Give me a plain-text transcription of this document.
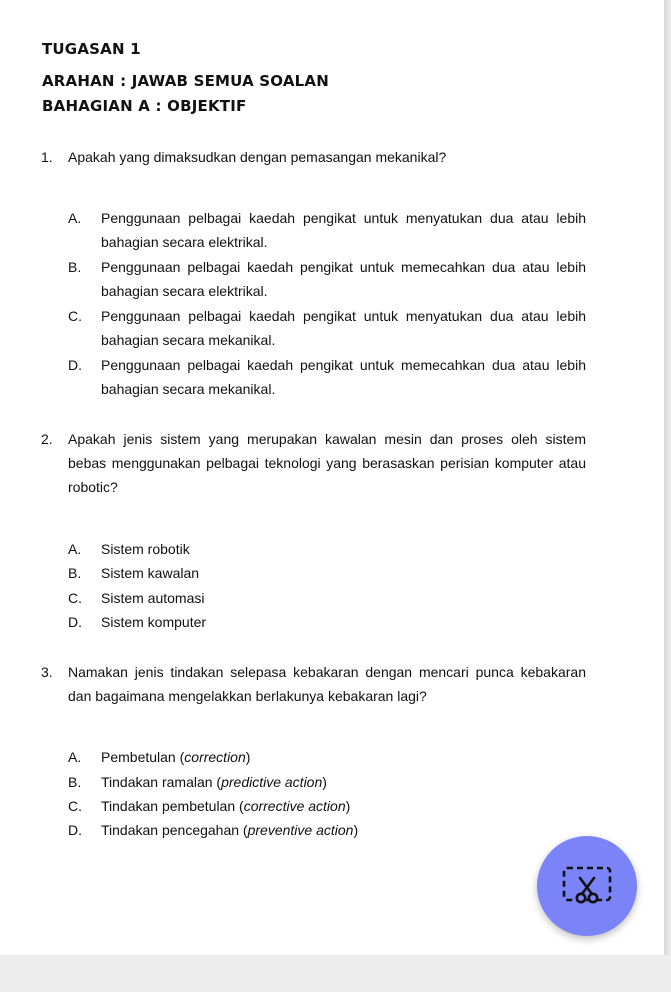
TUGASAN 1
ARAHAN : JAWAB SEMUA SOALAN
BAHAGIAN A : OBJEKTIF
1. Apakah yang dimaksudkan dengan pemasangan mekanikal?
A. Penggunaan pelbagai kaedah pengikat untuk menyatukan dua atau lebih bahagian secara elektrikal.
B. Penggunaan pelbagai kaedah pengikat untuk memecahkan dua atau lebih bahagian secara elektrikal.
C. Penggunaan pelbagai kaedah pengikat untuk menyatukan dua atau lebih bahagian secara mekanikal.
D. Penggunaan pelbagai kaedah pengikat untuk memecahkan dua atau lebih bahagian secara mekanikal.
2. Apakah jenis sistem yang merupakan kawalan mesin dan proses oleh sistem bebas menggunakan pelbagai teknologi yang berasaskan perisian komputer atau robotic?
A. Sistem robotik
B. Sistem kawalan
C. Sistem automasi
D. Sistem komputer
3. Namakan jenis tindakan selepasa kebakaran dengan mencari punca kebakaran dan bagaimana mengelakkan berlakunya kebakaran lagi?
A. Pembetulan (correction)
B. Tindakan ramalan (predictive action)
C. Tindakan pembetulan (corrective action)
D. Tindakan pencegahan (preventive action)
